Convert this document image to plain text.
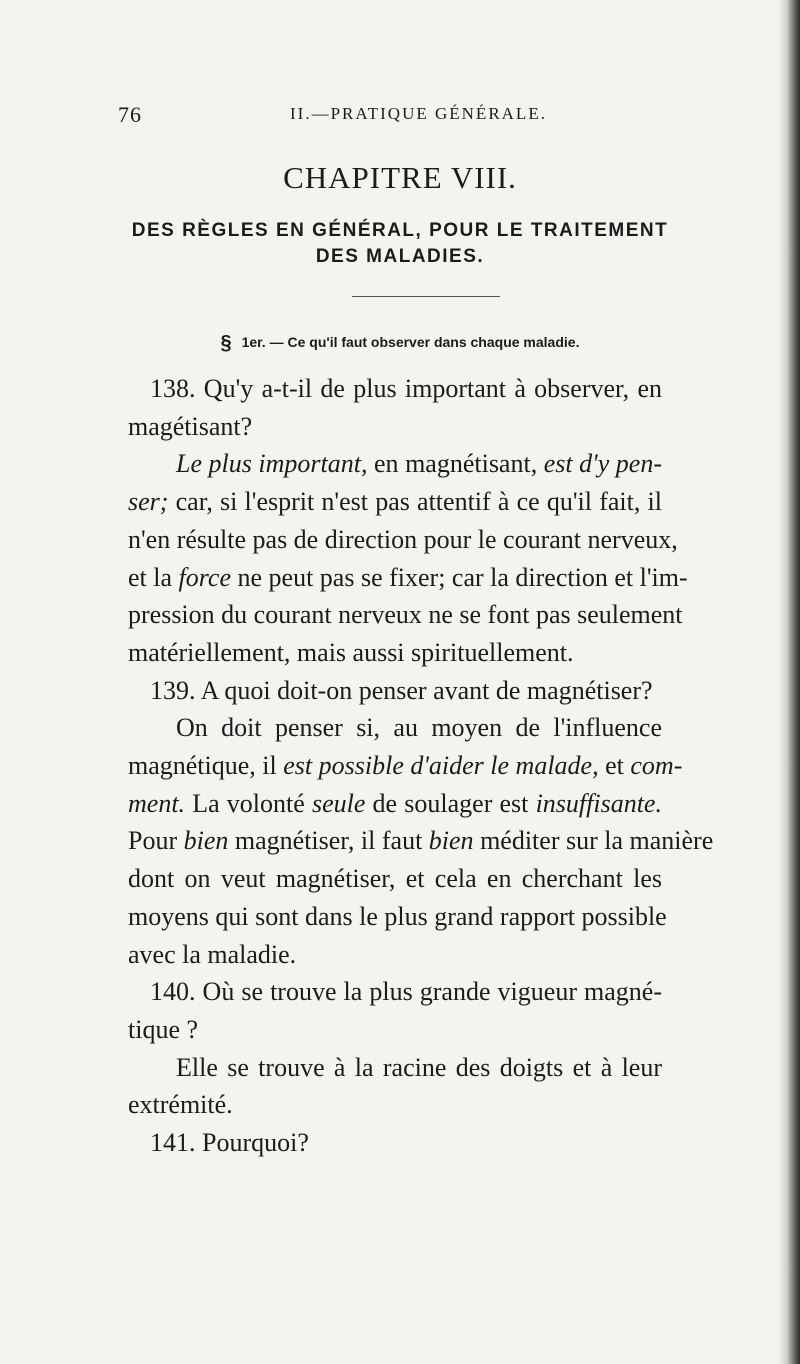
76	II.—PRATIQUE GÉNÉRALE.
CHAPITRE VIII.
DES RÈGLES EN GÉNÉRAL, POUR LE TRAITEMENT
DES MALADIES.
§ 1er. — Ce qu'il faut observer dans chaque maladie.
138. Qu'y a-t-il de plus important à observer, en
magétisant?
Le plus important, en magnétisant, est d'y pen-
ser; car, si l'esprit n'est pas attentif à ce qu'il fait, il
n'en résulte pas de direction pour le courant nerveux,
et la force ne peut pas se fixer; car la direction et l'im-
pression du courant nerveux ne se font pas seulement
matériellement, mais aussi spirituellement.
139. A quoi doit-on penser avant de magnétiser?
On doit penser si, au moyen de l'influence
magnétique, il est possible d'aider le malade, et com-
ment. La volonté seule de soulager est insuffisante.
Pour bien magnétiser, il faut bien méditer sur la manière
dont on veut magnétiser, et cela en cherchant les
moyens qui sont dans le plus grand rapport possible
avec la maladie.
140. Où se trouve la plus grande vigueur magné-
tique ?
Elle se trouve à la racine des doigts et à leur
extrémité.
141. Pourquoi?
